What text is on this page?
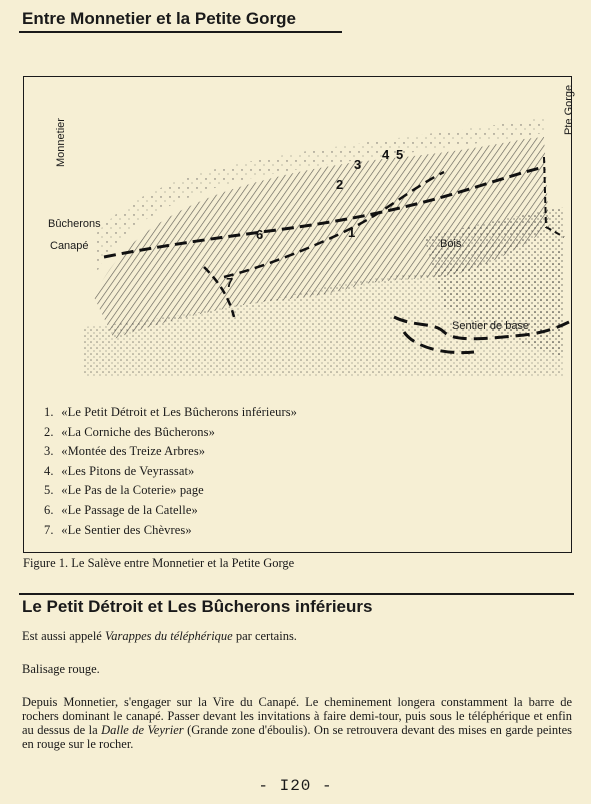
Entre Monnetier et la Petite Gorge
Monnetier
Pte Gorge
Bûcherons
Canapé	Bois
Sentier de base
1
2
3
4 5
6
7
1. «Le Petit Détroit et Les Bûcherons inférieurs»
2. «La Corniche des Bûcherons»
3. «Montée des Treize Arbres»
4. «Les Pitons de Veyrassat»
5. «Le Pas de la Coterie» page
6. «Le Passage de la Catelle»
7. «Le Sentier des Chèvres»
Figure 1. Le Salève entre Monnetier et la Petite Gorge
Le Petit Détroit et Les Bûcherons inférieurs

Est aussi appelé Varappes du téléphérique par certains.

Balisage rouge.

Depuis Monnetier, s'engager sur la Vire du Canapé. Le cheminement longera constamment la barre de rochers dominant le canapé. Passer devant les invitations à faire demi-tour, puis sous le téléphérique et enfin au dessus de la Dalle de Veyrier (Grande zone d'éboulis). On se retrouvera devant des mises en garde peintes en rouge sur le rocher.

- I20 -
